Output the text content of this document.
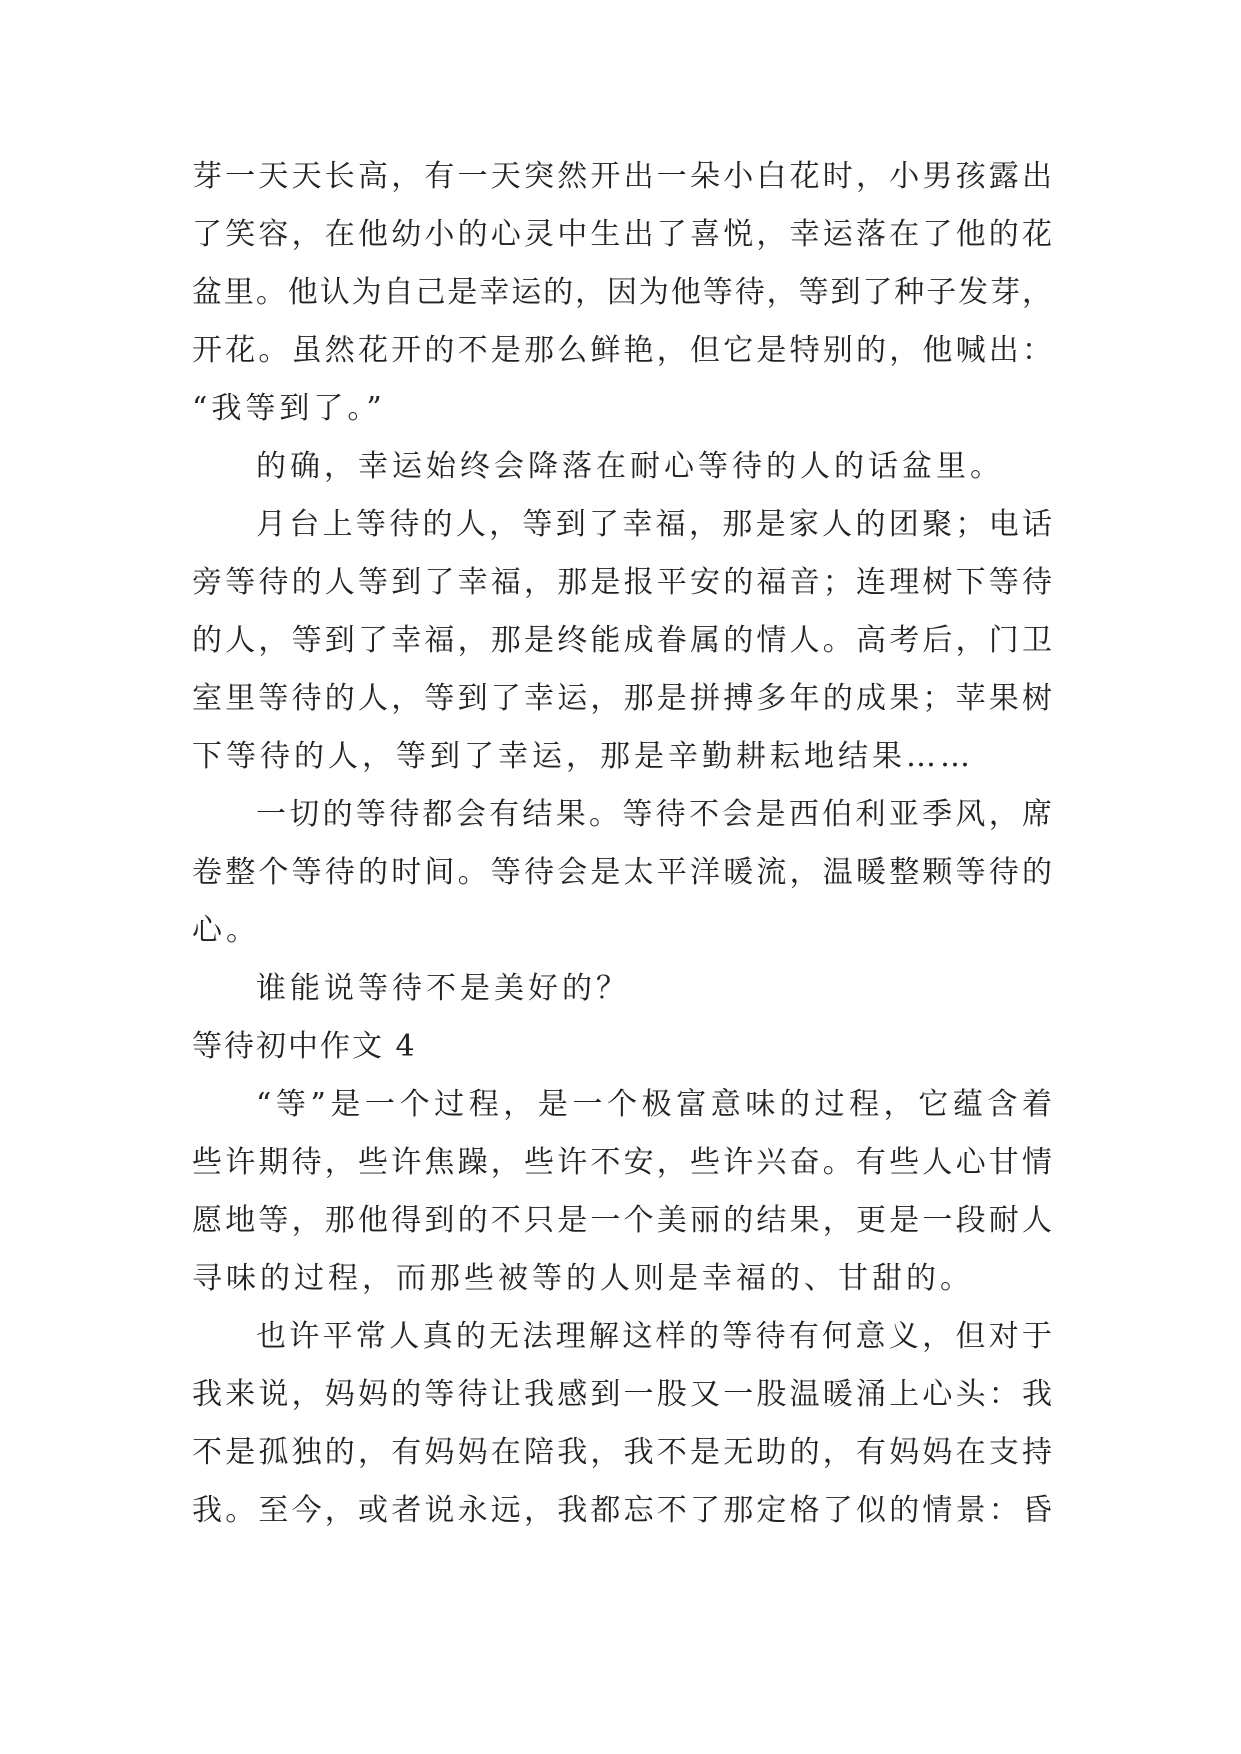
芽一天天长高，有一天突然开出一朵小白花时，小男孩露出
了笑容，在他幼小的心灵中生出了喜悦，幸运落在了他的花
盆里。他认为自己是幸运的，因为他等待，等到了种子发芽，
开花。虽然花开的不是那么鲜艳，但它是特别的，他喊出：
“我等到了。”
的确，幸运始终会降落在耐心等待的人的话盆里。
月台上等待的人，等到了幸福，那是家人的团聚；电话
旁等待的人等到了幸福，那是报平安的福音；连理树下等待
的人，等到了幸福，那是终能成眷属的情人。高考后，门卫
室里等待的人，等到了幸运，那是拼搏多年的成果；苹果树
下等待的人，等到了幸运，那是辛勤耕耘地结果……
一切的等待都会有结果。等待不会是西伯利亚季风，席
卷整个等待的时间。等待会是太平洋暖流，温暖整颗等待的
心。
谁能说等待不是美好的？
等待初中作文 4
“等”是一个过程，是一个极富意味的过程，它蕴含着
些许期待，些许焦躁，些许不安，些许兴奋。有些人心甘情
愿地等，那他得到的不只是一个美丽的结果，更是一段耐人
寻味的过程，而那些被等的人则是幸福的、甘甜的。
也许平常人真的无法理解这样的等待有何意义，但对于
我来说，妈妈的等待让我感到一股又一股温暖涌上心头：我
不是孤独的，有妈妈在陪我，我不是无助的，有妈妈在支持
我。至今，或者说永远，我都忘不了那定格了似的情景：昏
